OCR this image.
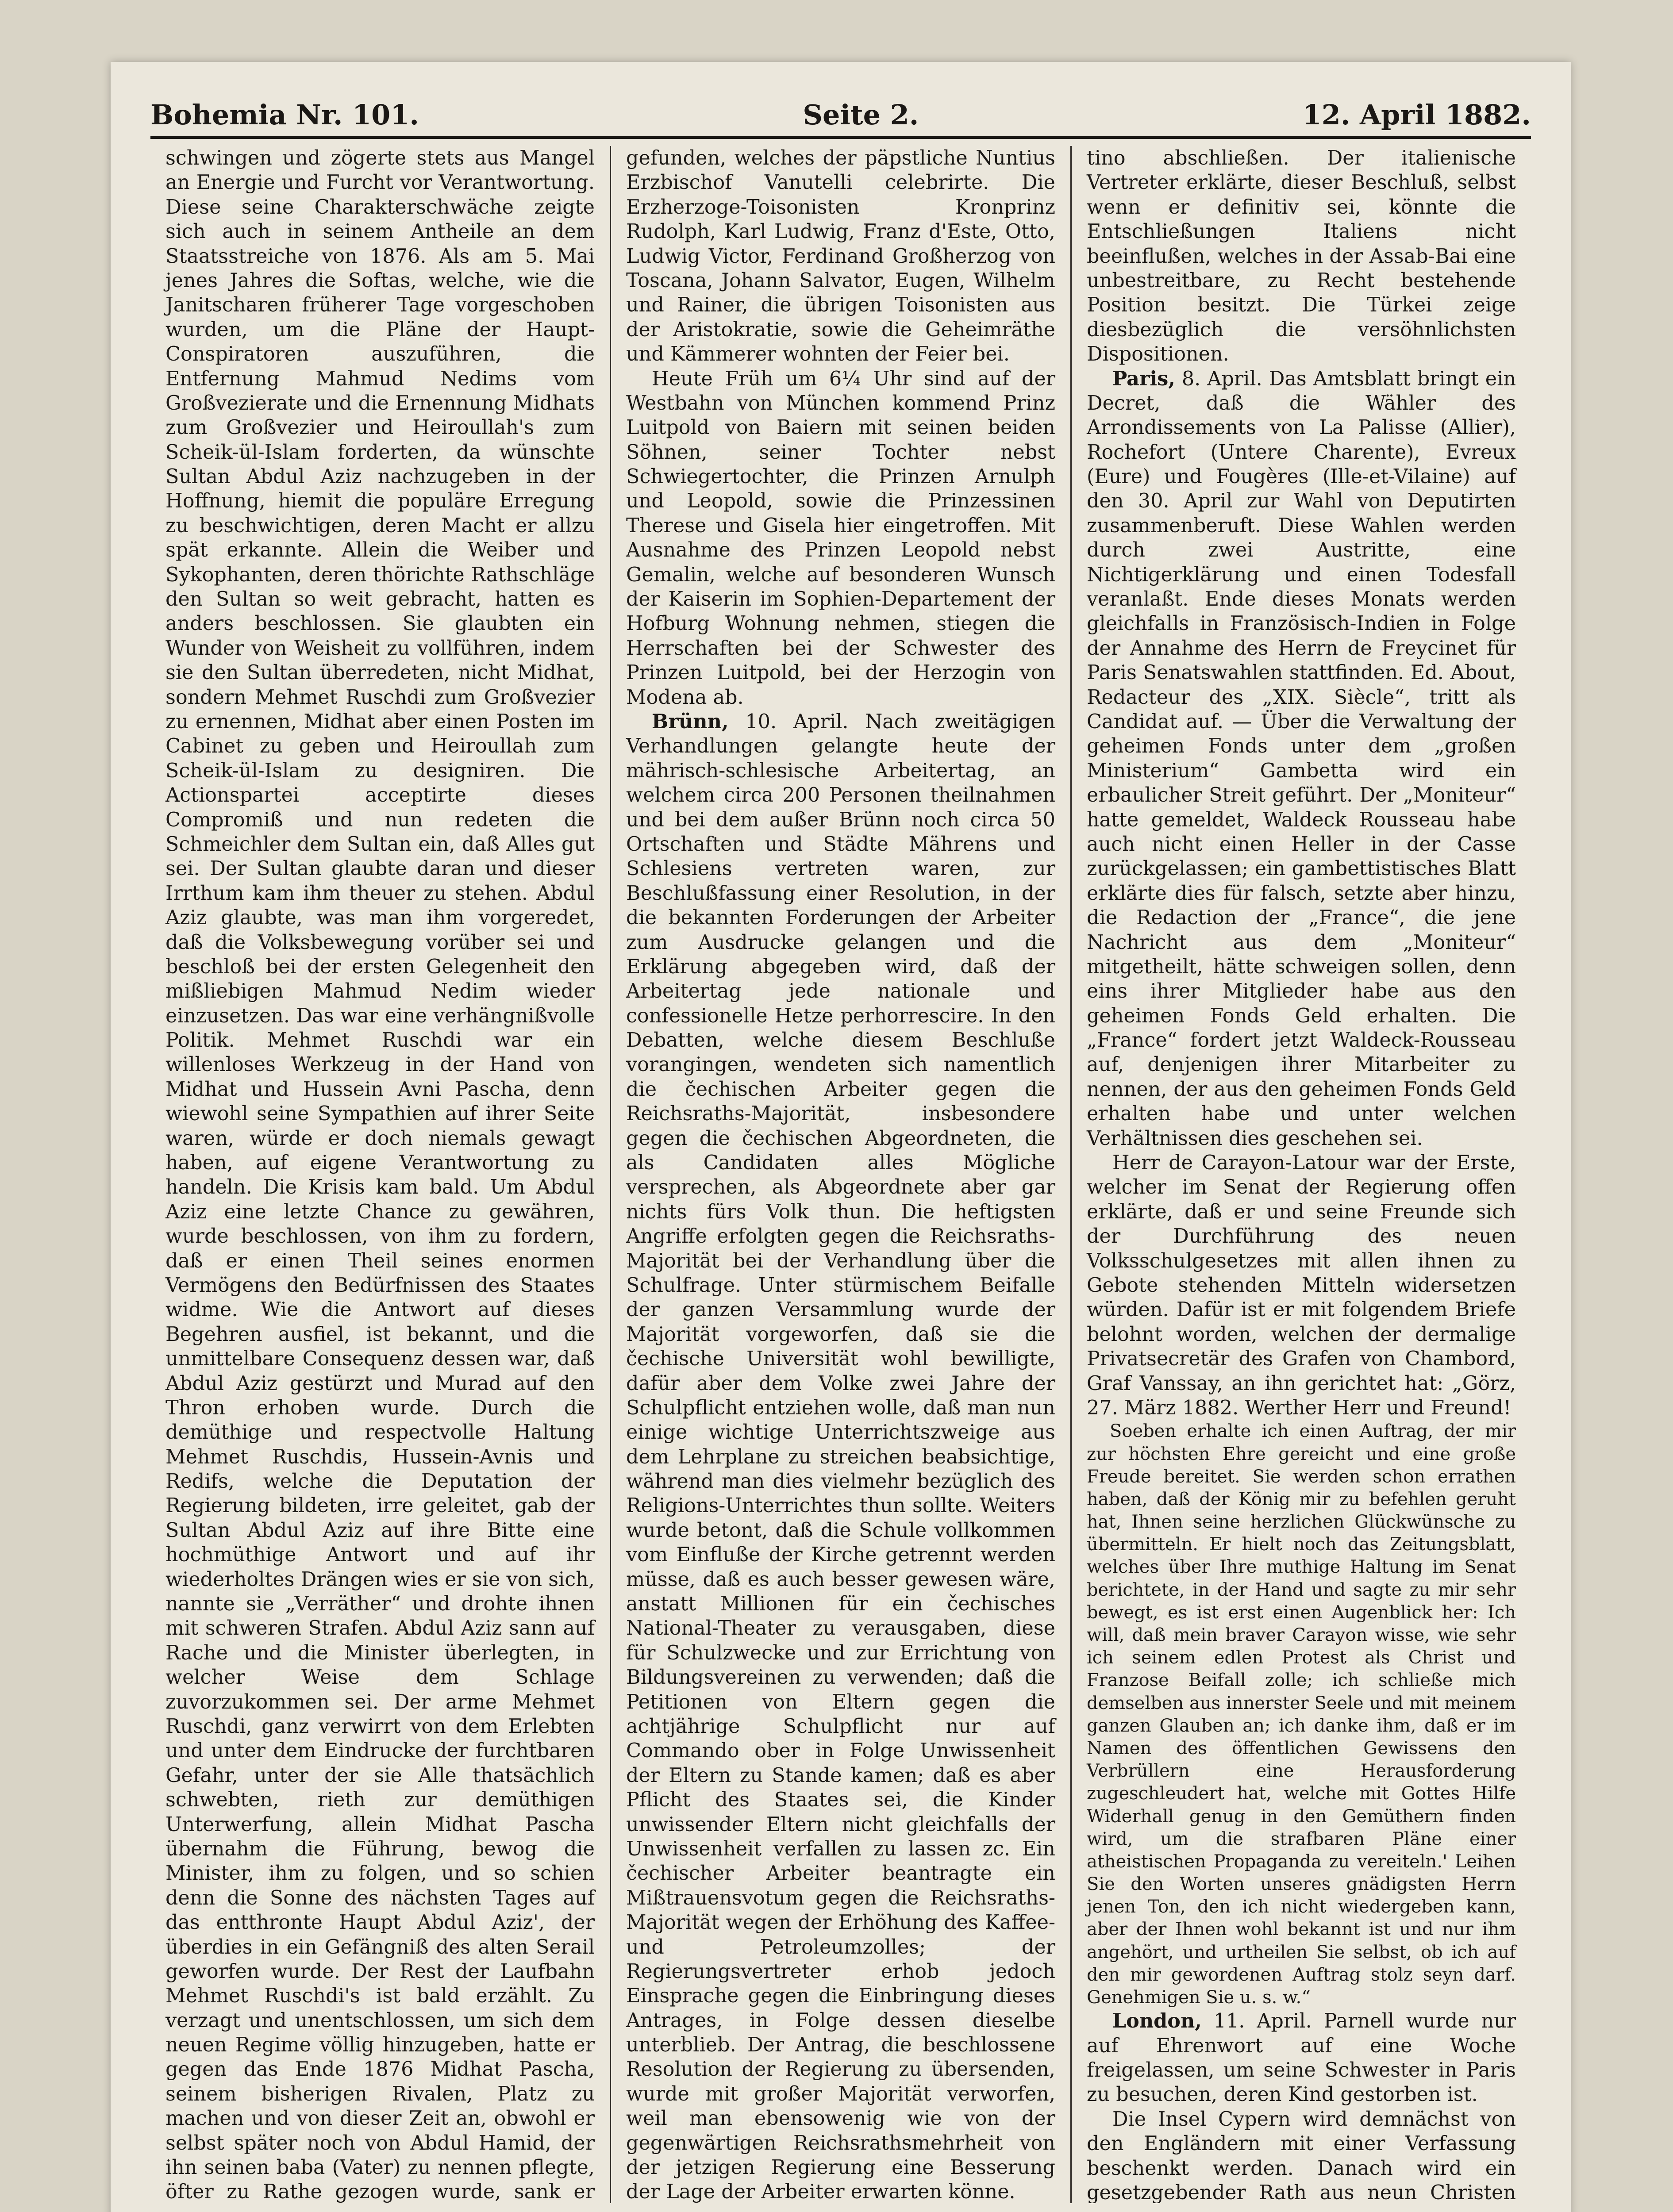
Bohemia Nr. 101.	Seite 2.	12. April 1882.

schwingen und zögerte stets aus Mangel an Energie und Furcht vor Verantwortung. Diese seine Charakterschwäche zeigte sich auch in seinem Antheile an dem Staatsstreiche von 1876. Als am 5. Mai jenes Jahres die Softas, welche, wie die Janitscharen früherer Tage vorgeschoben wurden, um die Pläne der Haupt-Conspiratoren auszuführen, die Entfernung Mahmud Nedims vom Großvezierate und die Ernennung Midhats zum Großvezier und Heiroullah's zum Scheik-ül-Islam forderten, da wünschte Sultan Abdul Aziz nachzugeben in der Hoffnung, hiemit die populäre Erregung zu beschwichtigen, deren Macht er allzu spät erkannte. Allein die Weiber und Sykophanten, deren thörichte Rathschläge den Sultan so weit gebracht, hatten es anders beschlossen. Sie glaubten ein Wunder von Weisheit zu vollführen, indem sie den Sultan überredeten, nicht Midhat, sondern Mehmet Ruschdi zum Großvezier zu ernennen, Midhat aber einen Posten im Cabinet zu geben und Heiroullah zum Scheik-ül-Islam zu designiren. Die Actionspartei acceptirte dieses Compromiß und nun redeten die Schmeichler dem Sultan ein, daß Alles gut sei. Der Sultan glaubte daran und dieser Irrthum kam ihm theuer zu stehen. Abdul Aziz glaubte, was man ihm vorgeredet, daß die Volksbewegung vorüber sei und beschloß bei der ersten Gelegenheit den mißliebigen Mahmud Nedim wieder einzusetzen. Das war eine verhängnißvolle Politik. Mehmet Ruschdi war ein willenloses Werkzeug in der Hand von Midhat und Hussein Avni Pascha, denn wiewohl seine Sympathien auf ihrer Seite waren, würde er doch niemals gewagt haben, auf eigene Verantwortung zu handeln. Die Krisis kam bald. Um Abdul Aziz eine letzte Chance zu gewähren, wurde beschlossen, von ihm zu fordern, daß er einen Theil seines enormen Vermögens den Bedürfnissen des Staates widme. Wie die Antwort auf dieses Begehren ausfiel, ist bekannt, und die unmittelbare Consequenz dessen war, daß Abdul Aziz gestürzt und Murad auf den Thron erhoben wurde. Durch die demüthige und respectvolle Haltung Mehmet Ruschdis, Hussein-Avnis und Redifs, welche die Deputation der Regierung bildeten, irre geleitet, gab der Sultan Abdul Aziz auf ihre Bitte eine hochmüthige Antwort und auf ihr wiederholtes Drängen wies er sie von sich, nannte sie „Verräther“ und drohte ihnen mit schweren Strafen. Abdul Aziz sann auf Rache und die Minister überlegten, in welcher Weise dem Schlage zuvorzukommen sei. Der arme Mehmet Ruschdi, ganz verwirrt von dem Erlebten und unter dem Eindrucke der furchtbaren Gefahr, unter der sie Alle thatsächlich schwebten, rieth zur demüthigen Unterwerfung, allein Midhat Pascha übernahm die Führung, bewog die Minister, ihm zu folgen, und so schien denn die Sonne des nächsten Tages auf das entthronte Haupt Abdul Aziz', der überdies in ein Gefängniß des alten Serail geworfen wurde. Der Rest der Laufbahn Mehmet Ruschdi's ist bald erzählt. Zu verzagt und unentschlossen, um sich dem neuen Regime völlig hinzugeben, hatte er gegen das Ende 1876 Midhat Pascha, seinem bisherigen Rivalen, Platz zu machen und von dieser Zeit an, obwohl er selbst später noch von Abdul Hamid, der ihn seinen baba (Vater) zu nennen pflegte, öfter zu Rathe gezogen wurde, sank er

gefunden, welches der päpstliche Nuntius Erzbischof Vanutelli celebrirte. Die Erzherzoge-Toisonisten Kronprinz Rudolph, Karl Ludwig, Franz d'Este, Otto, Ludwig Victor, Ferdinand Großherzog von Toscana, Johann Salvator, Eugen, Wilhelm und Rainer, die übrigen Toisonisten aus der Aristokratie, sowie die Geheimräthe und Kämmerer wohnten der Feier bei.

Heute Früh um 6¼ Uhr sind auf der Westbahn von München kommend Prinz Luitpold von Baiern mit seinen beiden Söhnen, seiner Tochter nebst Schwiegertochter, die Prinzen Arnulph und Leopold, sowie die Prinzessinen Therese und Gisela hier eingetroffen. Mit Ausnahme des Prinzen Leopold nebst Gemalin, welche auf besonderen Wunsch der Kaiserin im Sophien-Departement der Hofburg Wohnung nehmen, stiegen die Herrschaften bei der Schwester des Prinzen Luitpold, bei der Herzogin von Modena ab.

Brünn, 10. April. Nach zweitägigen Verhandlungen gelangte heute der mährisch-schlesische Arbeitertag, an welchem circa 200 Personen theilnahmen und bei dem außer Brünn noch circa 50 Ortschaften und Städte Mährens und Schlesiens vertreten waren, zur Beschlußfassung einer Resolution, in der die bekannten Forderungen der Arbeiter zum Ausdrucke gelangen und die Erklärung abgegeben wird, daß der Arbeitertag jede nationale und confessionelle Hetze perhorrescire. In den Debatten, welche diesem Beschluße vorangingen, wendeten sich namentlich die čechischen Arbeiter gegen die Reichsraths-Majorität, insbesondere gegen die čechischen Abgeordneten, die als Candidaten alles Mögliche versprechen, als Abgeordnete aber gar nichts fürs Volk thun. Die heftigsten Angriffe erfolgten gegen die Reichsraths-Majorität bei der Verhandlung über die Schulfrage. Unter stürmischem Beifalle der ganzen Versammlung wurde der Majorität vorgeworfen, daß sie die čechische Universität wohl bewilligte, dafür aber dem Volke zwei Jahre der Schulpflicht entziehen wolle, daß man nun einige wichtige Unterrichtszweige aus dem Lehrplane zu streichen beabsichtige, während man dies vielmehr bezüglich des Religions-Unterrichtes thun sollte. Weiters wurde betont, daß die Schule vollkommen vom Einfluße der Kirche getrennt werden müsse, daß es auch besser gewesen wäre, anstatt Millionen für ein čechisches National-Theater zu verausgaben, diese für Schulzwecke und zur Errichtung von Bildungsvereinen zu verwenden; daß die Petitionen von Eltern gegen die achtjährige Schulpflicht nur auf Commando ober in Folge Unwissenheit der Eltern zu Stande kamen; daß es aber Pflicht des Staates sei, die Kinder unwissender Eltern nicht gleichfalls der Unwissenheit verfallen zu lassen zc. Ein čechischer Arbeiter beantragte ein Mißtrauensvotum gegen die Reichsraths-Majorität wegen der Erhöhung des Kaffee- und Petroleumzolles; der Regierungsvertreter erhob jedoch Einsprache gegen die Einbringung dieses Antrages, in Folge dessen dieselbe unterblieb. Der Antrag, die beschlossene Resolution der Regierung zu übersenden, wurde mit großer Majorität verworfen, weil man ebensowenig wie von der gegenwärtigen Reichsrathsmehrheit von der jetzigen Regierung eine Besserung der Lage der Arbeiter erwarten könne.

tino abschließen. Der italienische Vertreter erklärte, dieser Beschluß, selbst wenn er definitiv sei, könnte die Entschließungen Italiens nicht beeinflußen, welches in der Assab-Bai eine unbestreitbare, zu Recht bestehende Position besitzt. Die Türkei zeige diesbezüglich die versöhnlichsten Dispositionen.

Paris, 8. April. Das Amtsblatt bringt ein Decret, daß die Wähler des Arrondissements von La Palisse (Allier), Rochefort (Untere Charente), Evreux (Eure) und Fougères (Ille-et-Vilaine) auf den 30. April zur Wahl von Deputirten zusammenberuft. Diese Wahlen werden durch zwei Austritte, eine Nichtigerklärung und einen Todesfall veranlaßt. Ende dieses Monats werden gleichfalls in Französisch-Indien in Folge der Annahme des Herrn de Freycinet für Paris Senatswahlen stattfinden. Ed. About, Redacteur des „XIX. Siècle“, tritt als Candidat auf. — Über die Verwaltung der geheimen Fonds unter dem „großen Ministerium“ Gambetta wird ein erbaulicher Streit geführt. Der „Moniteur“ hatte gemeldet, Waldeck Rousseau habe auch nicht einen Heller in der Casse zurückgelassen; ein gambettistisches Blatt erklärte dies für falsch, setzte aber hinzu, die Redaction der „France“, die jene Nachricht aus dem „Moniteur“ mitgetheilt, hätte schweigen sollen, denn eins ihrer Mitglieder habe aus den geheimen Fonds Geld erhalten. Die „France“ fordert jetzt Waldeck-Rousseau auf, denjenigen ihrer Mitarbeiter zu nennen, der aus den geheimen Fonds Geld erhalten habe und unter welchen Verhältnissen dies geschehen sei.

Herr de Carayon-Latour war der Erste, welcher im Senat der Regierung offen erklärte, daß er und seine Freunde sich der Durchführung des neuen Volksschulgesetzes mit allen ihnen zu Gebote stehenden Mitteln widersetzen würden. Dafür ist er mit folgendem Briefe belohnt worden, welchen der dermalige Privatsecretär des Grafen von Chambord, Graf Vanssay, an ihn gerichtet hat: „Görz, 27. März 1882. Werther Herr und Freund!

Soeben erhalte ich einen Auftrag, der mir zur höchsten Ehre gereicht und eine große Freude bereitet. Sie werden schon errathen haben, daß der König mir zu befehlen geruht hat, Ihnen seine herzlichen Glückwünsche zu übermitteln. Er hielt noch das Zeitungsblatt, welches über Ihre muthige Haltung im Senat berichtete, in der Hand und sagte zu mir sehr bewegt, es ist erst einen Augenblick her: Ich will, daß mein braver Carayon wisse, wie sehr ich seinem edlen Protest als Christ und Franzose Beifall zolle; ich schließe mich demselben aus innerster Seele und mit meinem ganzen Glauben an; ich danke ihm, daß er im Namen des öffentlichen Gewissens den Verbrüllern eine Herausforderung zugeschleudert hat, welche mit Gottes Hilfe Widerhall genug in den Gemüthern finden wird, um die strafbaren Pläne einer atheistischen Propaganda zu vereiteln.' Leihen Sie den Worten unseres gnädigsten Herrn jenen Ton, den ich nicht wiedergeben kann, aber der Ihnen wohl bekannt ist und nur ihm angehört, und urtheilen Sie selbst, ob ich auf den mir gewordenen Auftrag stolz seyn darf. Genehmigen Sie u. s. w.“

London, 11. April. Parnell wurde nur auf Ehrenwort auf eine Woche freigelassen, um seine Schwester in Paris zu besuchen, deren Kind gestorben ist.

Die Insel Cypern wird demnächst von den Engländern mit einer Verfassung beschenkt werden. Danach wird ein gesetzgebender Rath aus neun Christen
